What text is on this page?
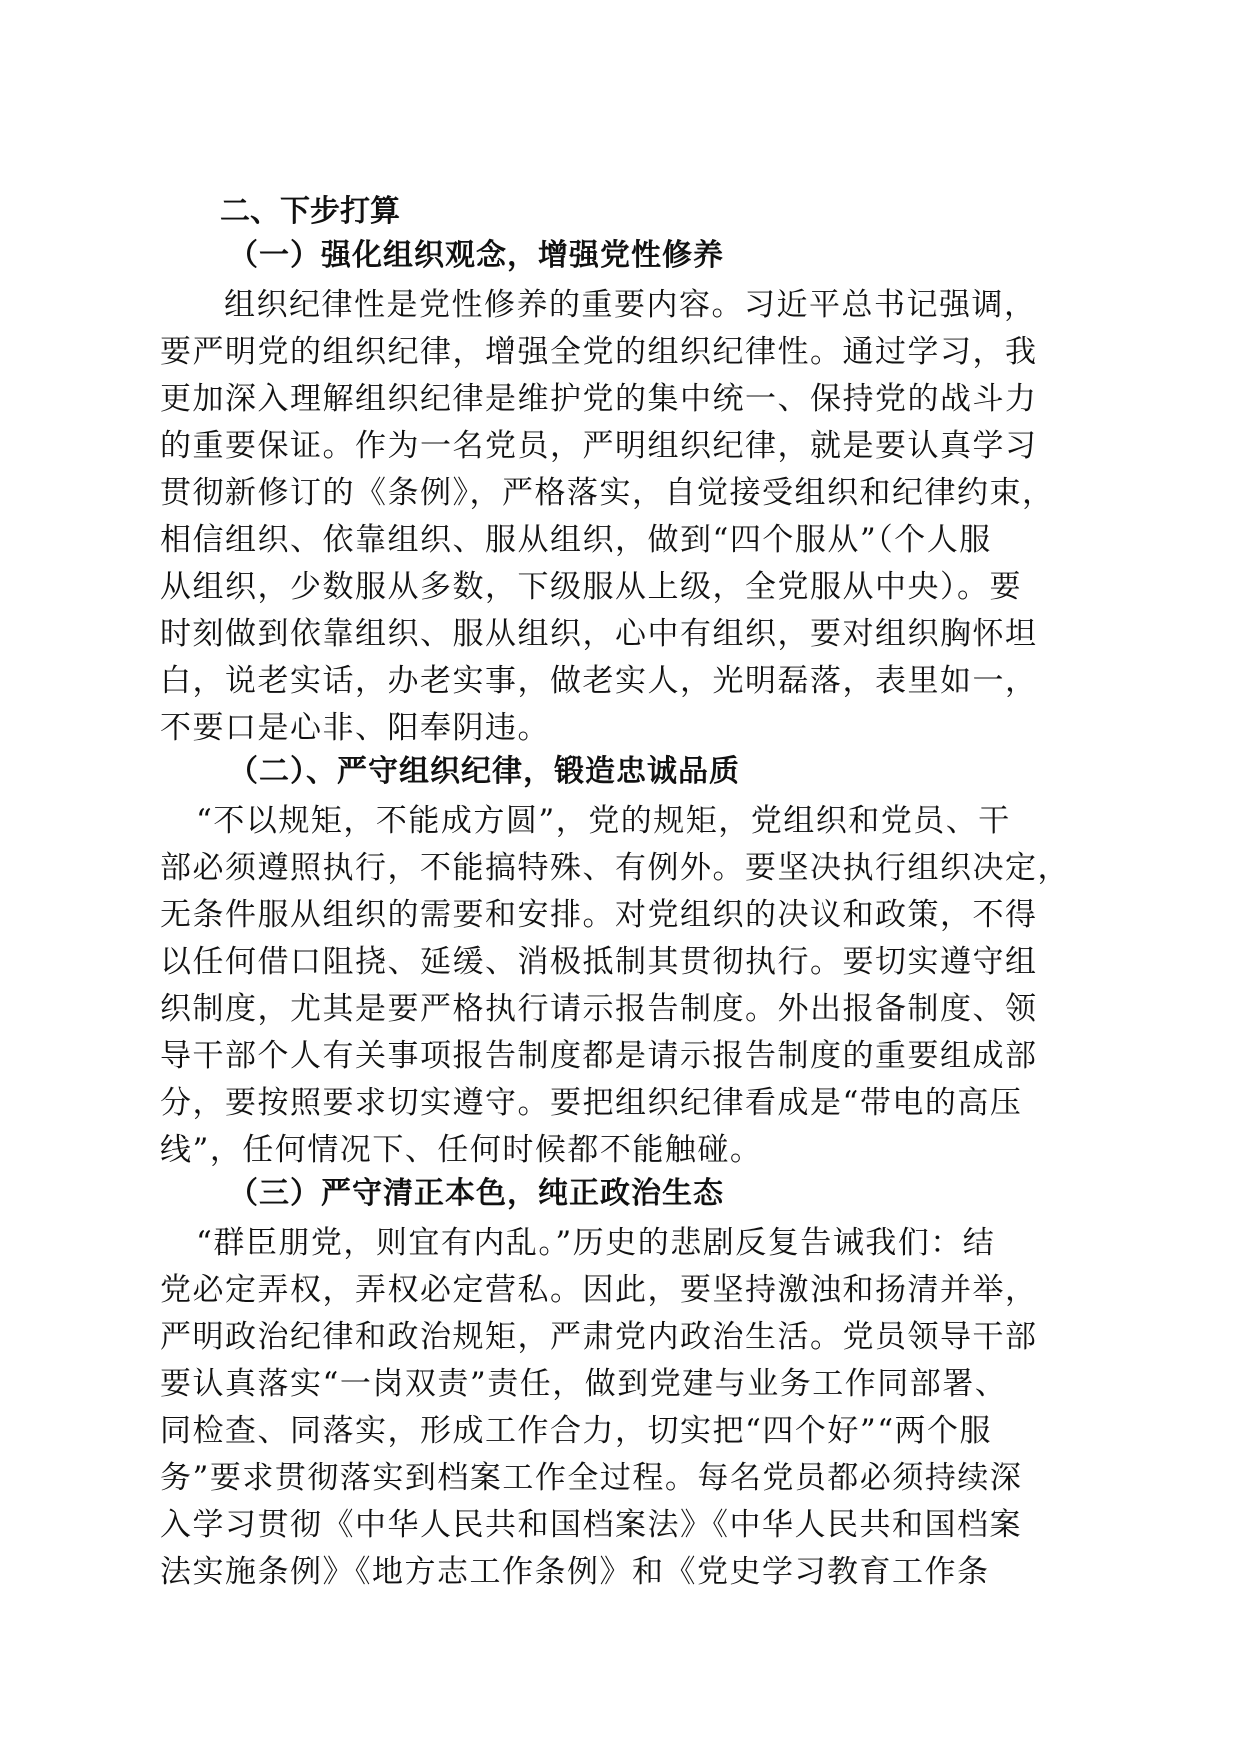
二、下步打算
（一）强化组织观念，增强党性修养

组织纪律性是党性修养的重要内容。习近平总书记强调，
要严明党的组织纪律，增强全党的组织纪律性。通过学习，我
更加深入理解组织纪律是维护党的集中统一、保持党的战斗力
的重要保证。作为一名党员，严明组织纪律，就是要认真学习
贯彻新修订的《条例》，严格落实，自觉接受组织和纪律约束，
相信组织、依靠组织、服从组织，做到“四个服从”（个人服
从组织，少数服从多数，下级服从上级，全党服从中央）。要
时刻做到依靠组织、服从组织，心中有组织，要对组织胸怀坦
白，说老实话，办老实事，做老实人，光明磊落，表里如一，
不要口是心非、阳奉阴违。

（二）、严守组织纪律，锻造忠诚品质

“不以规矩，不能成方圆”，党的规矩，党组织和党员、干
部必须遵照执行，不能搞特殊、有例外。要坚决执行组织决定，
无条件服从组织的需要和安排。对党组织的决议和政策，不得
以任何借口阻挠、延缓、消极抵制其贯彻执行。要切实遵守组
织制度，尤其是要严格执行请示报告制度。外出报备制度、领
导干部个人有关事项报告制度都是请示报告制度的重要组成部
分，要按照要求切实遵守。要把组织纪律看成是“带电的高压
线”，任何情况下、任何时候都不能触碰。

（三）严守清正本色，纯正政治生态

“群臣朋党，则宜有内乱。”历史的悲剧反复告诫我们：结
党必定弄权，弄权必定营私。因此，要坚持激浊和扬清并举，
严明政治纪律和政治规矩，严肃党内政治生活。党员领导干部
要认真落实“一岗双责”责任，做到党建与业务工作同部署、
同检查、同落实，形成工作合力，切实把“四个好”“两个服
务”要求贯彻落实到档案工作全过程。每名党员都必须持续深
入学习贯彻《中华人民共和国档案法》《中华人民共和国档案
法实施条例》《地方志工作条例》和《党史学习教育工作条
